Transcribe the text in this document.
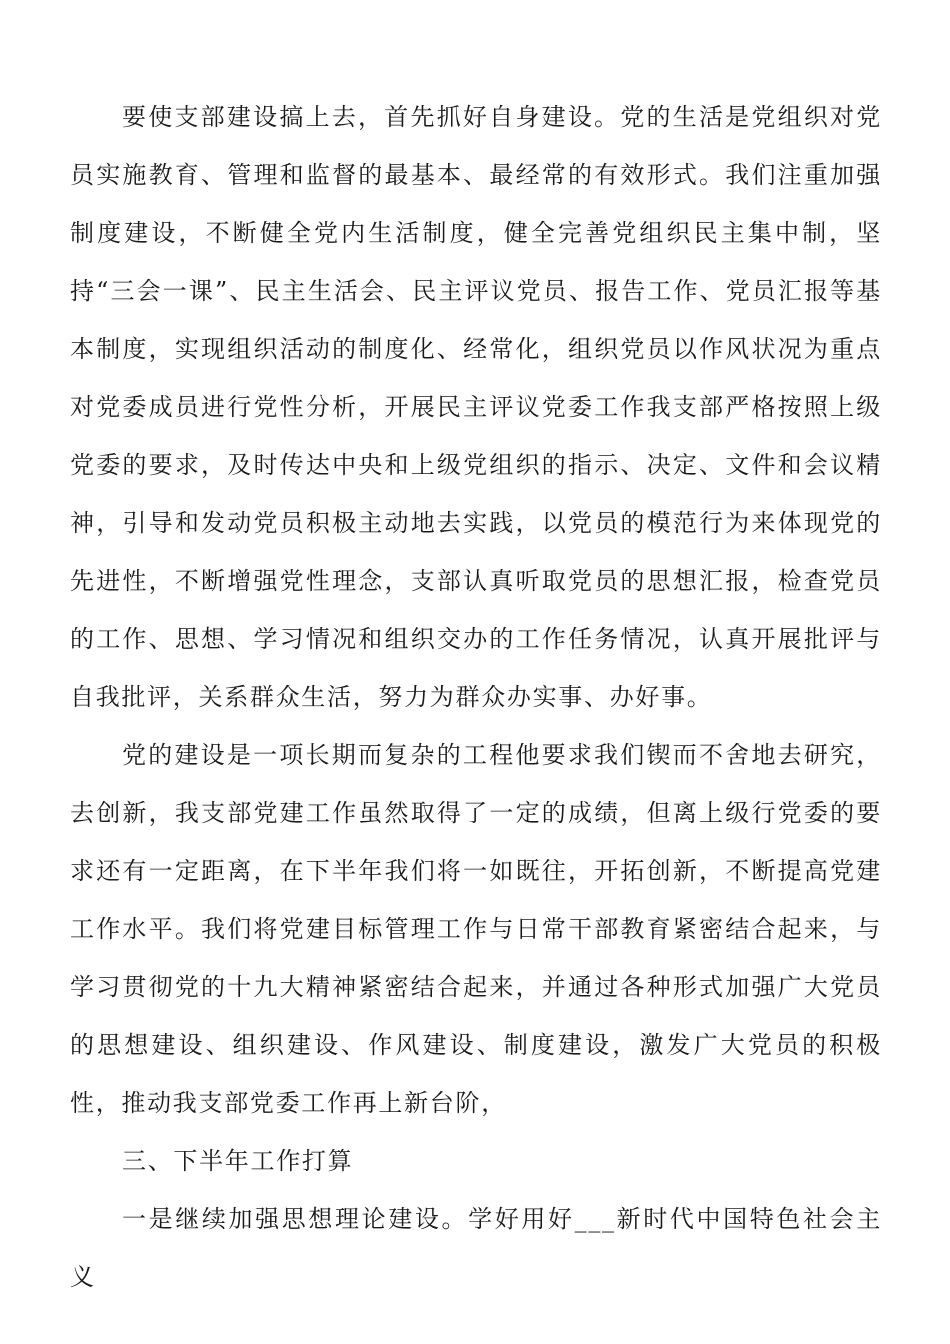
要使支部建设搞上去，首先抓好自身建设。党的生活是党组织对党员实施教育、管理和监督的最基本、最经常的有效形式。我们注重加强制度建设，不断健全党内生活制度，健全完善党组织民主集中制，坚持“三会一课”、民主生活会、民主评议党员、报告工作、党员汇报等基本制度，实现组织活动的制度化、经常化，组织党员以作风状况为重点对党委成员进行党性分析，开展民主评议党委工作我支部严格按照上级党委的要求，及时传达中央和上级党组织的指示、决定、文件和会议精神，引导和发动党员积极主动地去实践，以党员的模范行为来体现党的先进性，不断增强党性理念，支部认真听取党员的思想汇报，检查党员的工作、思想、学习情况和组织交办的工作任务情况，认真开展批评与自我批评，关系群众生活，努力为群众办实事、办好事。

党的建设是一项长期而复杂的工程他要求我们锲而不舍地去研究，去创新，我支部党建工作虽然取得了一定的成绩，但离上级行党委的要求还有一定距离，在下半年我们将一如既往，开拓创新，不断提高党建工作水平。我们将党建目标管理工作与日常干部教育紧密结合起来，与学习贯彻党的十九大精神紧密结合起来，并通过各种形式加强广大党员的思想建设、组织建设、作风建设、制度建设，激发广大党员的积极性，推动我支部党委工作再上新台阶，

三、下半年工作打算

一是继续加强思想理论建设。学好用好___新时代中国特色社会主义
